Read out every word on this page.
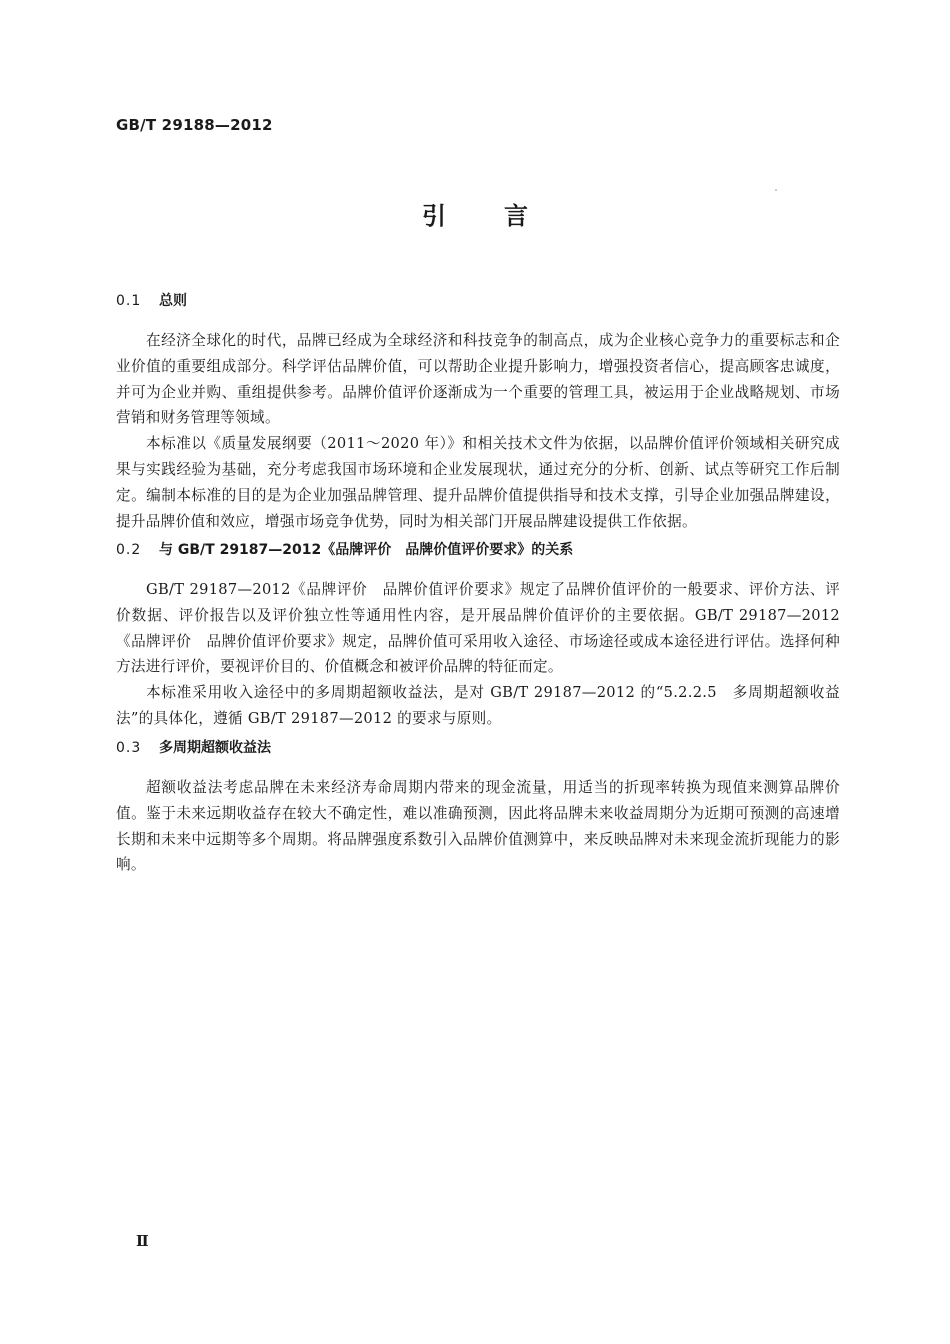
GB/T 29188—2012
引言
0.1 总则

在经济全球化的时代，品牌已经成为全球经济和科技竞争的制高点，成为企业核心竞争力的重要标志和企业价值的重要组成部分。科学评估品牌价值，可以帮助企业提升影响力，增强投资者信心，提高顾客忠诚度，并可为企业并购、重组提供参考。品牌价值评价逐渐成为一个重要的管理工具，被运用于企业战略规划、市场营销和财务管理等领域。

本标准以《质量发展纲要（2011～2020 年）》和相关技术文件为依据，以品牌价值评价领域相关研究成果与实践经验为基础，充分考虑我国市场环境和企业发展现状，通过充分的分析、创新、试点等研究工作后制定。编制本标准的目的是为企业加强品牌管理、提升品牌价值提供指导和技术支撑，引导企业加强品牌建设，提升品牌价值和效应，增强市场竞争优势，同时为相关部门开展品牌建设提供工作依据。

0.2 与 GB/T 29187—2012《品牌评价　品牌价值评价要求》的关系

GB/T 29187—2012《品牌评价　品牌价值评价要求》规定了品牌价值评价的一般要求、评价方法、评价数据、评价报告以及评价独立性等通用性内容，是开展品牌价值评价的主要依据。GB/T 29187—2012《品牌评价　品牌价值评价要求》规定，品牌价值可采用收入途径、市场途径或成本途径进行评估。选择何种方法进行评价，要视评价目的、价值概念和被评价品牌的特征而定。

本标准采用收入途径中的多周期超额收益法，是对 GB/T 29187—2012 的“5.2.2.5　多周期超额收益法”的具体化，遵循 GB/T 29187—2012 的要求与原则。

0.3 多周期超额收益法

超额收益法考虑品牌在未来经济寿命周期内带来的现金流量，用适当的折现率转换为现值来测算品牌价值。鉴于未来远期收益存在较大不确定性，难以准确预测，因此将品牌未来收益周期分为近期可预测的高速增长期和未来中远期等多个周期。将品牌强度系数引入品牌价值测算中，来反映品牌对未来现金流折现能力的影响。

Ⅱ
